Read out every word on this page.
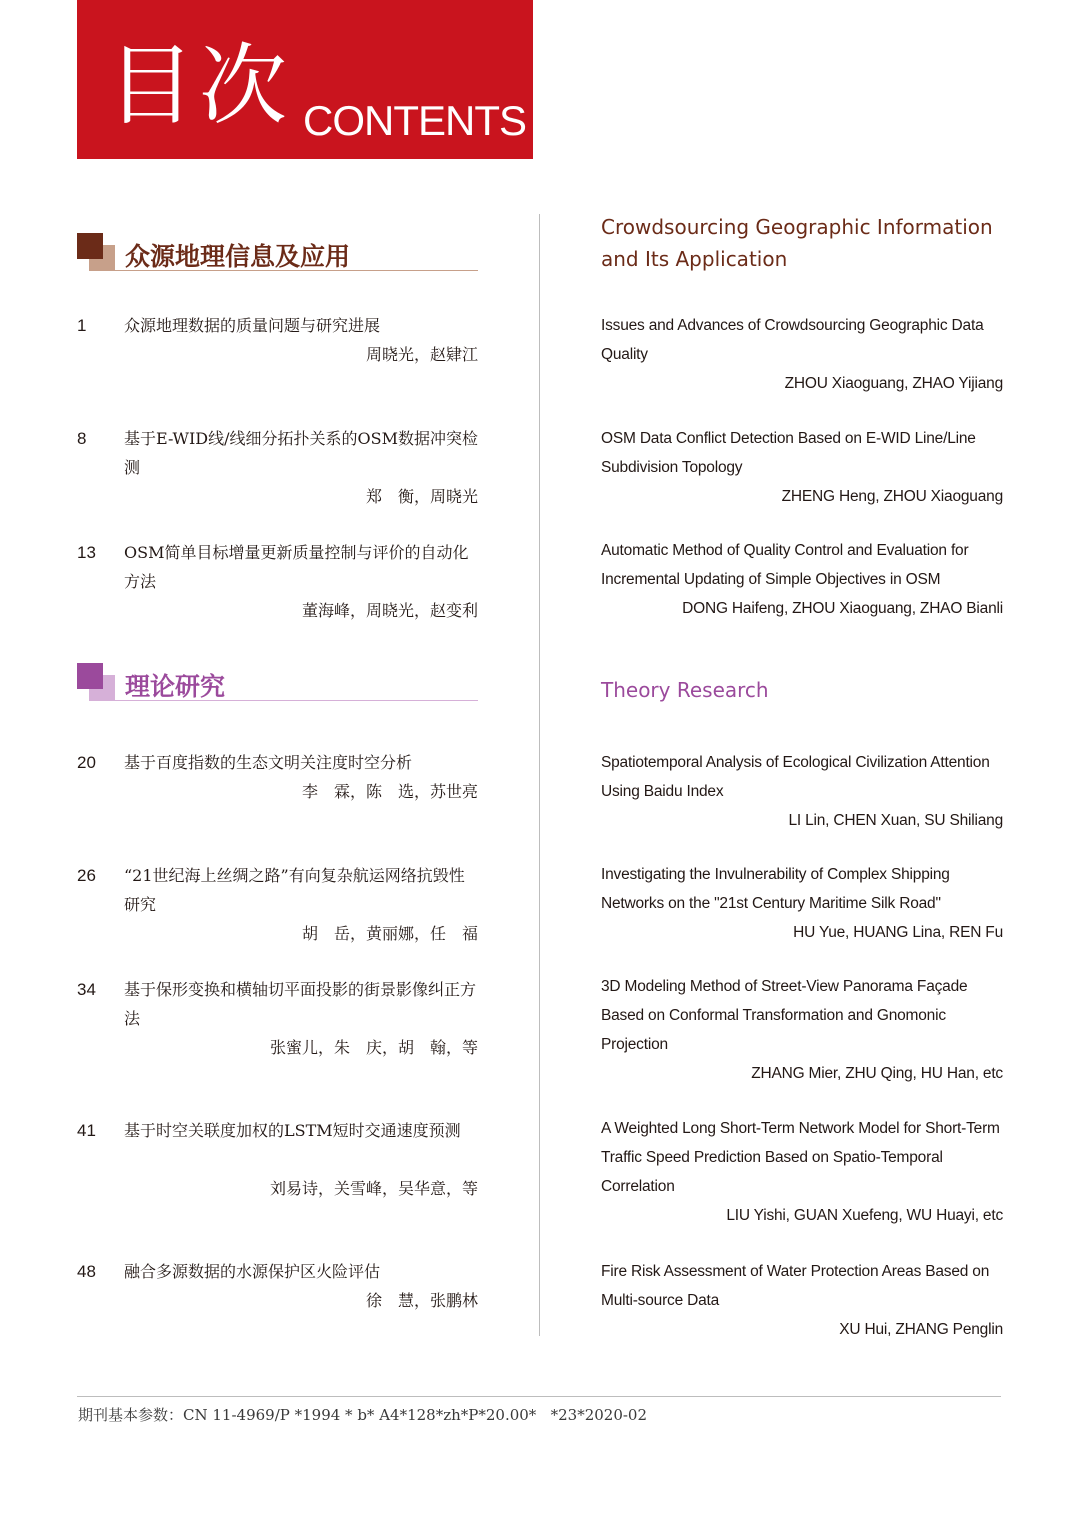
目次 CONTENTS
众源地理信息及应用
Crowdsourcing Geographic Information and Its Application
理论研究	Theory Research
1 众源地理数据的质量问题与研究进展
周晓光，赵肄江
8 基于E-WID线/线细分拓扑关系的OSM数据冲突检测
郑　衡，周晓光
13 OSM简单目标增量更新质量控制与评价的自动化方法
董海峰，周晓光，赵变利
20 基于百度指数的生态文明关注度时空分析
李　霖，陈　选，苏世亮
26 “21世纪海上丝绸之路”有向复杂航运网络抗毁性研究
胡　岳，黄丽娜，任　福
34 基于保形变换和横轴切平面投影的街景影像纠正方法
张蜜儿，朱　庆，胡　翰，等
41 基于时空关联度加权的LSTM短时交通速度预测
刘易诗，关雪峰，吴华意，等
48 融合多源数据的水源保护区火险评估
徐　慧，张鹏林
Issues and Advances of Crowdsourcing Geographic Data Quality
ZHOU Xiaoguang, ZHAO Yijiang
OSM Data Conflict Detection Based on E-WID Line/Line Subdivision Topology
ZHENG Heng, ZHOU Xiaoguang
Automatic Method of Quality Control and Evaluation for Incremental Updating of Simple Objectives in OSM
DONG Haifeng, ZHOU Xiaoguang, ZHAO Bianli
Spatiotemporal Analysis of Ecological Civilization Attention Using Baidu Index
LI Lin, CHEN Xuan, SU Shiliang
Investigating the Invulnerability of Complex Shipping Networks on the "21st Century Maritime Silk Road"
HU Yue, HUANG Lina, REN Fu
3D Modeling Method of Street-View Panorama Façade Based on Conformal Transformation and Gnomonic Projection
ZHANG Mier, ZHU Qing, HU Han, etc
A Weighted Long Short-Term Network Model for Short-Term Traffic Speed Prediction Based on Spatio-Temporal Correlation
LIU Yishi, GUAN Xuefeng, WU Huayi, etc
Fire Risk Assessment of Water Protection Areas Based on Multi-source Data
XU Hui, ZHANG Penglin
期刊基本参数：CN 11-4969/P *1994 * b* A4*128*zh*P*20.00*   *23*2020-02
